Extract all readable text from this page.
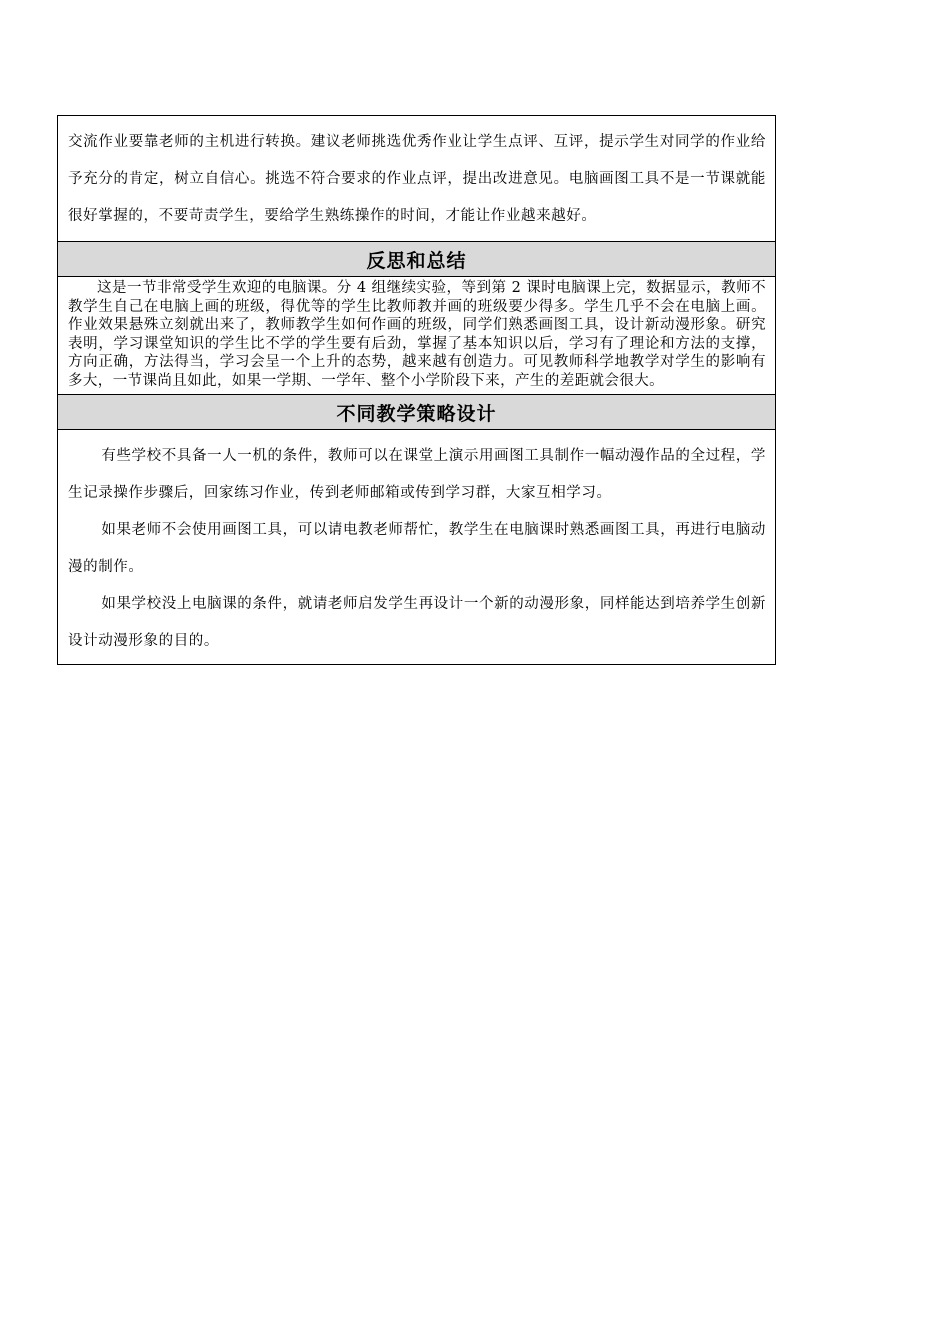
交流作业要靠老师的主机进行转换。建议老师挑选优秀作业让学生点评、互评，提示学生对同学的作业给予充分的肯定，树立自信心。挑选不符合要求的作业点评，提出改进意见。电脑画图工具不是一节课就能很好掌握的，不要苛责学生，要给学生熟练操作的时间，才能让作业越来越好。

反思和总结

这是一节非常受学生欢迎的电脑课。分 4 组继续实验，等到第 2 课时电脑课上完，数据显示，教师不教学生自己在电脑上画的班级，得优等的学生比教师教并画的班级要少得多。学生几乎不会在电脑上画。作业效果悬殊立刻就出来了，教师教学生如何作画的班级，同学们熟悉画图工具，设计新动漫形象。研究表明，学习课堂知识的学生比不学的学生要有后劲，掌握了基本知识以后，学习有了理论和方法的支撑，方向正确，方法得当，学习会呈一个上升的态势，越来越有创造力。可见教师科学地教学对学生的影响有多大，一节课尚且如此，如果一学期、一学年、整个小学阶段下来，产生的差距就会很大。

不同教学策略设计

有些学校不具备一人一机的条件，教师可以在课堂上演示用画图工具制作一幅动漫作品的全过程，学生记录操作步骤后，回家练习作业，传到老师邮箱或传到学习群，大家互相学习。

如果老师不会使用画图工具，可以请电教老师帮忙，教学生在电脑课时熟悉画图工具，再进行电脑动漫的制作。

如果学校没上电脑课的条件，就请老师启发学生再设计一个新的动漫形象，同样能达到培养学生创新设计动漫形象的目的。
